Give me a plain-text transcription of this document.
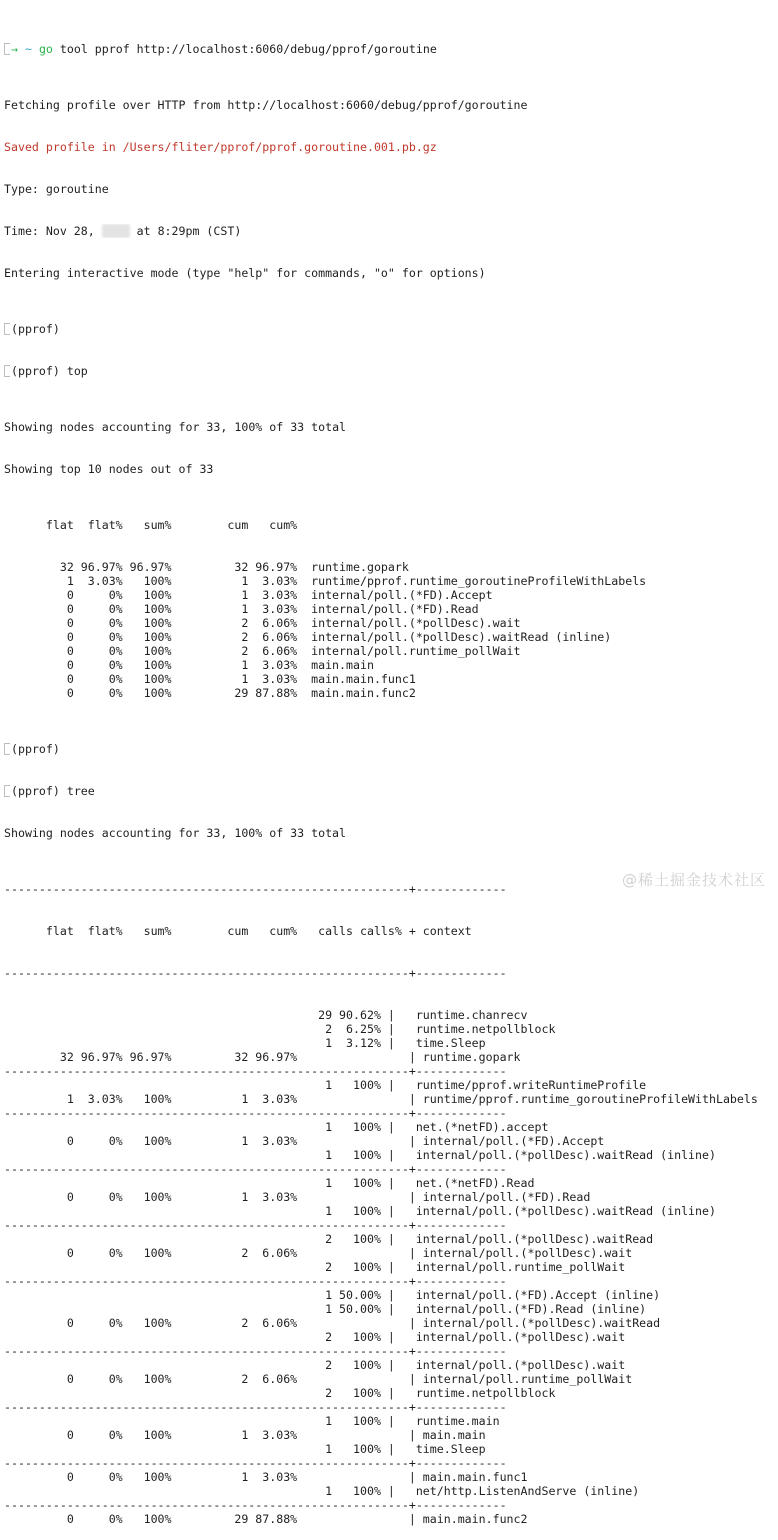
→ ~ go tool pprof http://localhost:6060/debug/pprof/goroutine

Fetching profile over HTTP from http://localhost:6060/debug/pprof/goroutine

Saved profile in /Users/fliter/pprof/pprof.goroutine.001.pb.gz

Type: goroutine

Time: Nov 28,  at 8:29pm (CST)

Entering interactive mode (type "help" for commands, "o" for options)

(pprof)

(pprof) top

Showing nodes accounting for 33, 100% of 33 total

Showing top 10 nodes out of 33

flat  flat%   sum%        cum   cum%

32 96.97% 96.97%         32 96.97%  runtime.gopark
1  3.03%   100%          1  3.03%  runtime/pprof.runtime_goroutineProfileWithLabels
0     0%   100%          1  3.03%  internal/poll.(*FD).Accept
0     0%   100%          1  3.03%  internal/poll.(*FD).Read
0     0%   100%          2  6.06%  internal/poll.(*pollDesc).wait
0     0%   100%          2  6.06%  internal/poll.(*pollDesc).waitRead (inline)
0     0%   100%          2  6.06%  internal/poll.runtime_pollWait
0     0%   100%          1  3.03%  main.main
0     0%   100%          1  3.03%  main.main.func1
0     0%   100%         29 87.88%  main.main.func2

(pprof)

(pprof) tree

Showing nodes accounting for 33, 100% of 33 total

----------------------------------------------------------+-------------

flat  flat%   sum%        cum   cum%   calls calls% + context

----------------------------------------------------------+-------------

29 90.62% |   runtime.chanrecv
2  6.25% |   runtime.netpollblock
1  3.12% |   time.Sleep
32 96.97% 96.97%         32 96.97%                | runtime.gopark
----------------------------------------------------------+-------------
1   100% |   runtime/pprof.writeRuntimeProfile
1  3.03%   100%          1  3.03%                | runtime/pprof.runtime_goroutineProfileWithLabels
----------------------------------------------------------+-------------
1   100% |   net.(*netFD).accept
0     0%   100%          1  3.03%                | internal/poll.(*FD).Accept
1   100% |   internal/poll.(*pollDesc).waitRead (inline)
----------------------------------------------------------+-------------
1   100% |   net.(*netFD).Read
0     0%   100%          1  3.03%                | internal/poll.(*FD).Read
1   100% |   internal/poll.(*pollDesc).waitRead (inline)
----------------------------------------------------------+-------------
2   100% |   internal/poll.(*pollDesc).waitRead
0     0%   100%          2  6.06%                | internal/poll.(*pollDesc).wait
2   100% |   internal/poll.runtime_pollWait
----------------------------------------------------------+-------------
1 50.00% |   internal/poll.(*FD).Accept (inline)
1 50.00% |   internal/poll.(*FD).Read (inline)
0     0%   100%          2  6.06%                | internal/poll.(*pollDesc).waitRead
2   100% |   internal/poll.(*pollDesc).wait
----------------------------------------------------------+-------------
2   100% |   internal/poll.(*pollDesc).wait
0     0%   100%          2  6.06%                | internal/poll.runtime_pollWait
2   100% |   runtime.netpollblock
----------------------------------------------------------+-------------
1   100% |   runtime.main
0     0%   100%          1  3.03%                | main.main
1   100% |   time.Sleep
----------------------------------------------------------+-------------
0     0%   100%          1  3.03%                | main.main.func1
1   100% |   net/http.ListenAndServe (inline)
----------------------------------------------------------+-------------
0     0%   100%         29 87.88%                | main.main.func2

@稀土掘金技术社区
